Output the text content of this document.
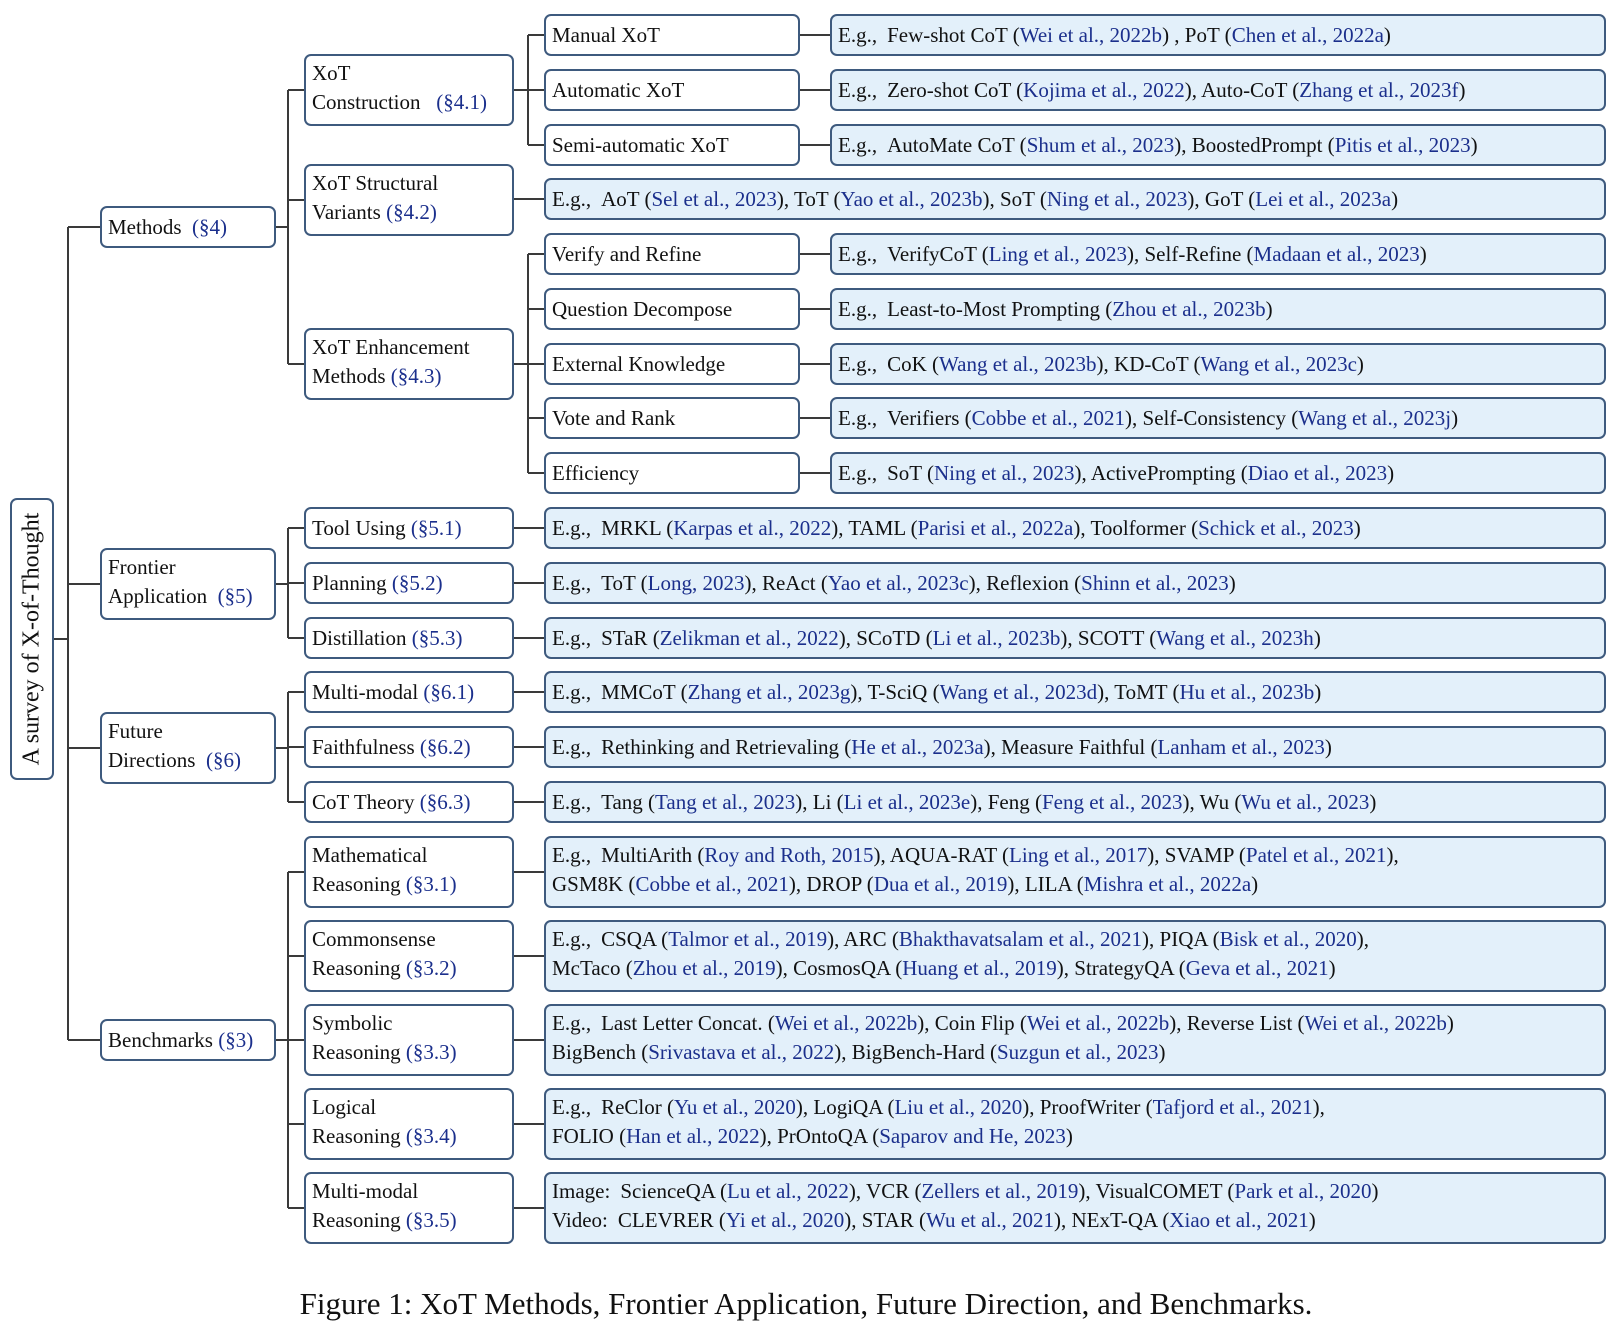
A survey of X-of-Thought
Methods
(§4)
Frontier
Application (§5)
Future
Directions (§6)
Benchmarks
(§3)
XoT
Construction (§4.1)
XoT Structural
Variants (§4.2)
XoT Enhancement
Methods (§4.3)
Tool Using
(§5.1)
Planning
(§5.2)
Distillation
(§5.3)
Multi-modal
(§6.1)
Faithfulness
(§6.2)
CoT Theory
(§6.3)
Mathematical
Reasoning (§3.1)
Commonsense
Reasoning (§3.2)
Symbolic
Reasoning (§3.3)
Logical
Reasoning (§3.4)
Multi-modal
Reasoning (§3.5)
Manual XoT
Automatic XoT
Semi-automatic XoT
Verify and Refine
Question Decompose
External Knowledge
Vote and Rank
Efficiency
E.g., Few-shot CoT (Wei et al., 2022b) , PoT (Chen et al., 2022a)
E.g., Zero-shot CoT (Kojima et al., 2022), Auto-CoT (Zhang et al., 2023f)
E.g., AutoMate CoT (Shum et al., 2023), BoostedPrompt (Pitis et al., 2023)
E.g., AoT (Sel et al., 2023), ToT (Yao et al., 2023b), SoT (Ning et al., 2023), GoT (Lei et al., 2023a)
E.g., VerifyCoT (Ling et al., 2023), Self-Refine (Madaan et al., 2023)
E.g., Least-to-Most Prompting (Zhou et al., 2023b)
E.g., CoK (Wang et al., 2023b), KD-CoT (Wang et al., 2023c)
E.g., Verifiers (Cobbe et al., 2021), Self-Consistency (Wang et al., 2023j)
E.g., SoT (Ning et al., 2023), ActivePrompting (Diao et al., 2023)
E.g., MRKL (Karpas et al., 2022), TAML (Parisi et al., 2022a), Toolformer (Schick et al., 2023)
E.g., ToT (Long, 2023), ReAct (Yao et al., 2023c), Reflexion (Shinn et al., 2023)
E.g., STaR (Zelikman et al., 2022), SCoTD (Li et al., 2023b), SCOTT (Wang et al., 2023h)
E.g., MMCoT (Zhang et al., 2023g), T-SciQ (Wang et al., 2023d), ToMT (Hu et al., 2023b)
E.g., Rethinking and Retrievaling (He et al., 2023a), Measure Faithful (Lanham et al., 2023)
E.g., Tang (Tang et al., 2023), Li (Li et al., 2023e), Feng (Feng et al., 2023), Wu (Wu et al., 2023)
E.g., MultiArith (Roy and Roth, 2015), AQUA-RAT (Ling et al., 2017), SVAMP (Patel et al., 2021),
GSM8K (Cobbe et al., 2021), DROP (Dua et al., 2019), LILA (Mishra et al., 2022a)
E.g., CSQA (Talmor et al., 2019), ARC (Bhakthavatsalam et al., 2021), PIQA (Bisk et al., 2020),
McTaco (Zhou et al., 2019), CosmosQA (Huang et al., 2019), StrategyQA (Geva et al., 2021)
E.g., Last Letter Concat. (Wei et al., 2022b), Coin Flip (Wei et al., 2022b), Reverse List (Wei et al., 2022b)
BigBench (Srivastava et al., 2022), BigBench-Hard (Suzgun et al., 2023)
E.g., ReClor (Yu et al., 2020), LogiQA (Liu et al., 2020), ProofWriter (Tafjord et al., 2021),
FOLIO (Han et al., 2022), PrOntoQA (Saparov and He, 2023)
Image: ScienceQA (Lu et al., 2022), VCR (Zellers et al., 2019), VisualCOMET (Park et al., 2020)
Video: CLEVRER (Yi et al., 2020), STAR (Wu et al., 2021), NExT-QA (Xiao et al., 2021)
Figure 1: XoT Methods, Frontier Application, Future Direction, and Benchmarks.
